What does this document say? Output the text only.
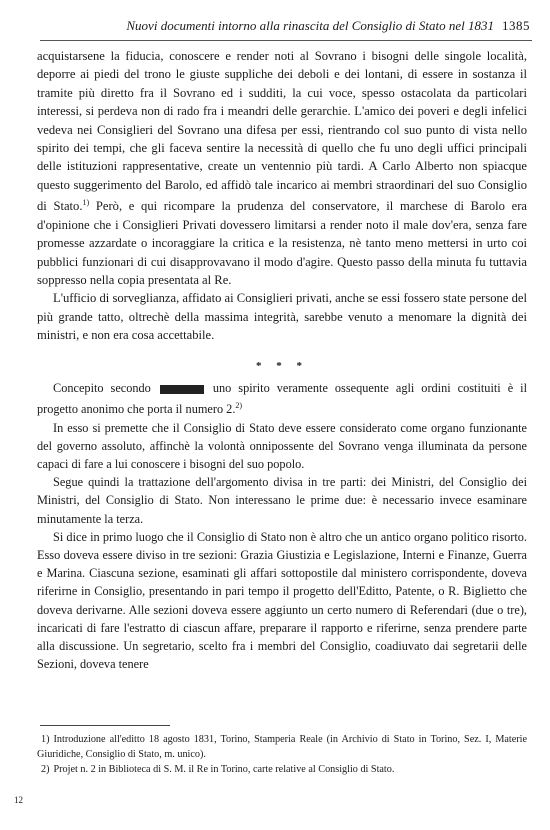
Nuovi documenti intorno alla rinascita del Consiglio di Stato nel 1831 1385

acquistarsene la fiducia, conoscere e render noti al Sovrano i bisogni delle singole località, deporre ai piedi del trono le giuste suppliche dei deboli e dei lontani, di essere in sostanza il tramite più diretto fra il Sovrano ed i sudditi, la cui voce, spesso ostacolata da particolari interessi, si perdeva non di rado fra i meandri delle gerarchie. L'amico dei poveri e degli infelici vedeva nei Consiglieri del Sovrano una difesa per essi, rientrando col suo punto di vista nello spirito dei tempi, che gli faceva sentire la necessità di quello che fu uno degli uffici principali delle istituzioni rappresentative, create un ventennio più tardi. A Carlo Alberto non spiacque questo suggerimento del Barolo, ed affidò tale incarico ai membri straordinari del suo Consiglio di Stato.$^{1)}$ Però, e qui ricompare la prudenza del conservatore, il marchese di Barolo era d'opinione che i Consiglieri Privati dovessero limitarsi a render noto il male dov'era, senza fare promesse azzardate o incoraggiare la critica e la resistenza, nè tanto meno mettersi in urto coi pubblici funzionari di cui disapprovavano il modo d'agire. Questo passo della minuta fu tuttavia soppresso nella copia presentata al Re.

L'ufficio di sorveglianza, affidato ai Consiglieri privati, anche se essi fossero state persone del più grande tatto, oltrechè della massima integrità, sarebbe venuto a menomare la dignità dei ministri, e non era cosa accettabile.

* * *

Concepito secondo	uno spirito veramente ossequente agli ordini costituiti è il progetto anonimo che porta il numero 2.$^{2)}$

In esso si premette che il Consiglio di Stato deve essere considerato come organo funzionante del governo assoluto, affinchè la volontà onnipossente del Sovrano venga illuminata da persone capaci di fare a lui conoscere i bisogni del suo popolo.

Segue quindi la trattazione dell'argomento divisa in tre parti: dei Ministri, del Consiglio dei Ministri, del Consiglio di Stato. Non interessano le prime due: è necessario invece esaminare minutamente la terza.

Si dice in primo luogo che il Consiglio di Stato non è altro che un antico organo politico risorto. Esso doveva essere diviso in tre sezioni: Grazia Giustizia e Legislazione, Interni e Finanze, Guerra e Marina. Ciascuna sezione, esaminati gli affari sottopostile dal ministero corrispondente, doveva riferirne in Consiglio, presentando in pari tempo il progetto dell'Editto, Patente, o R. Biglietto che doveva derivarne. Alle sezioni doveva essere aggiunto un certo numero di Referendari (due o tre), incaricati di fare l'estratto di ciascun affare, preparare il rapporto e riferirne, senza prendere parte alla discussione. Un segretario, scelto fra i membri del Consiglio, coadiuvato dai segretarii delle Sezioni, doveva tenere

1) Introduzione all'editto 18 agosto 1831, Torino, Stamperia Reale (in Archivio di Stato in Torino, Sez. I, Materie Giuridiche, Consiglio di Stato, m. unico).

2) Projet n. 2 in Biblioteca di S. M. il Re in Torino, carte relative al Consiglio di Stato.

12
